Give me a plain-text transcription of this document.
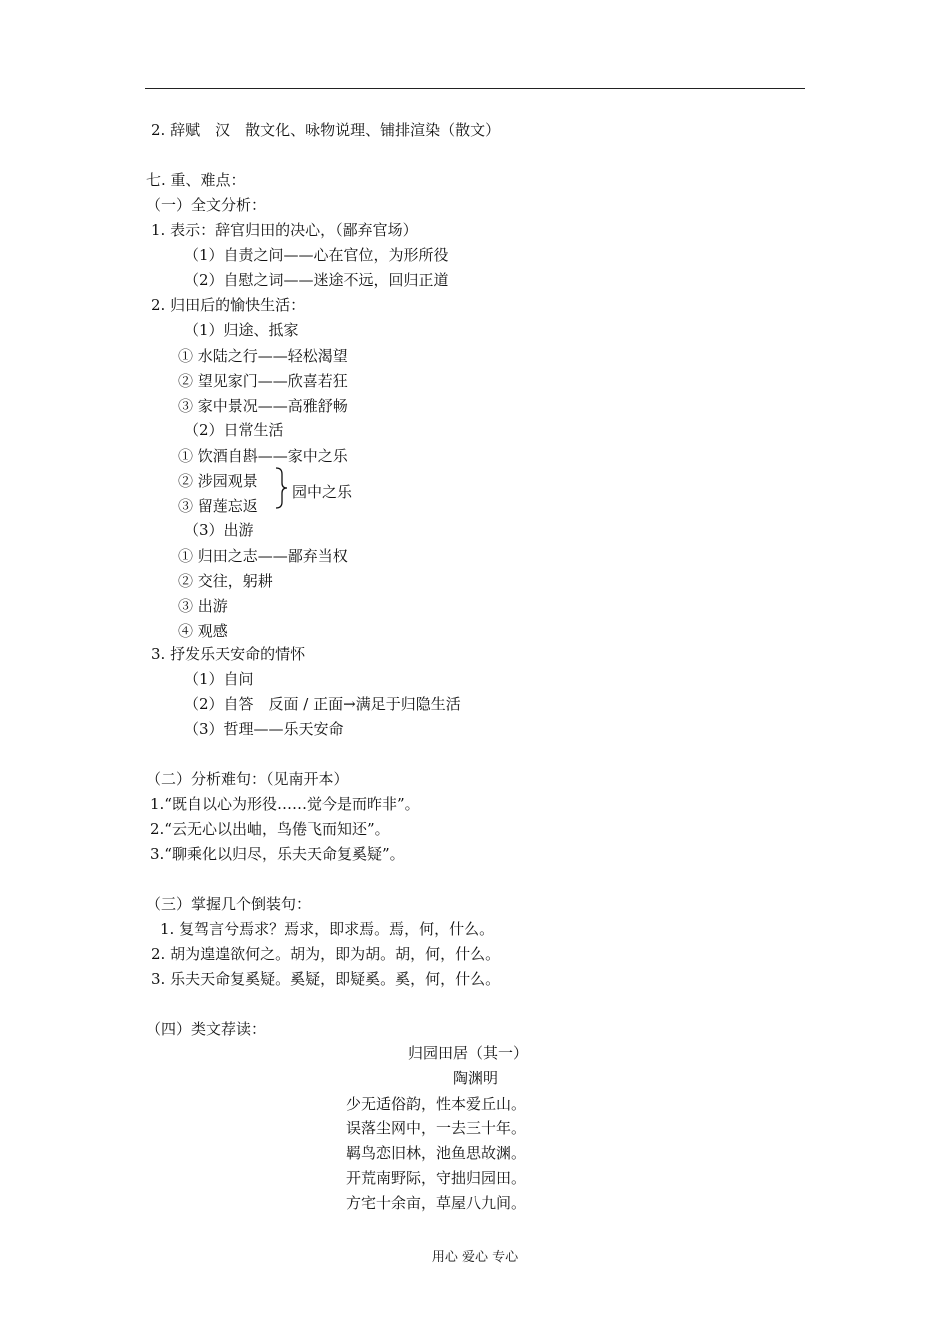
2. 辞赋　汉　散文化、咏物说理、铺排渲染（散文）
七. 重、难点：
（一）全文分析：
1. 表示：辞官归田的决心，（鄙弃官场）
（1）自责之问——心在官位，为形所役
（2）自慰之词——迷途不远，回归正道
2. 归田后的愉快生活：
（1）归途、抵家
① 水陆之行——轻松渴望
② 望见家门——欣喜若狂
③ 家中景况——高雅舒畅
（2）日常生活
① 饮酒自斟——家中之乐
② 涉园观景
③ 留莲忘返
园中之乐
（3）出游
① 归田之志——鄙弃当权
② 交往，躬耕
③ 出游
④ 观感
3. 抒发乐天安命的情怀
（1）自问
（2）自答　反面 / 正面→满足于归隐生活
（3）哲理——乐天安命
（二）分析难句：（见南开本）
1.“既自以心为形役……觉今是而昨非”。
2.“云无心以出岫，鸟倦飞而知还”。
3.“聊乘化以归尽，乐夫天命复奚疑”。
（三）掌握几个倒装句：
1. 复驾言兮焉求？焉求，即求焉。焉，何，什么。
2. 胡为遑遑欲何之。胡为，即为胡。胡，何，什么。
3. 乐夫天命复奚疑。奚疑，即疑奚。奚，何，什么。
（四）类文荐读：
归园田居（其一）
陶渊明
少无适俗韵，性本爱丘山。
误落尘网中，一去三十年。
羁鸟恋旧林，池鱼思故渊。
开荒南野际，守拙归园田。
方宅十余亩，草屋八九间。
用心 爱心 专心
